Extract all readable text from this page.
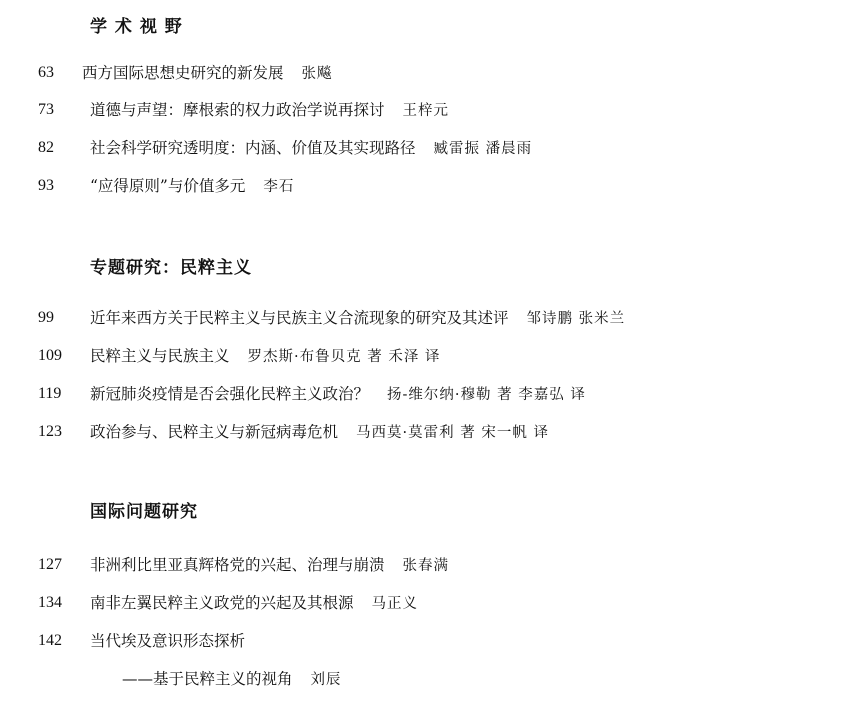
学 术 视 野
63 西方国际思想史研究的新发展 张飚
73 道德与声望：摩根索的权力政治学说再探讨 王梓元
82 社会科学研究透明度：内涵、价值及其实现路径 臧雷振 潘晨雨
93 “应得原则”与价值多元 李石
专题研究：民粹主义
99 近年来西方关于民粹主义与民族主义合流现象的研究及其述评 邹诗鹏 张米兰
109 民粹主义与民族主义 罗杰斯·布鲁贝克 著 禾泽 译
119 新冠肺炎疫情是否会强化民粹主义政治？ 扬-维尔纳·穆勒 著 李嘉弘 译
123 政治参与、民粹主义与新冠病毒危机 马西莫·莫雷利 著 宋一帆 译
国际问题研究
127 非洲利比里亚真辉格党的兴起、治理与崩溃 张春满
134 南非左翼民粹主义政党的兴起及其根源 马正义
142 当代埃及意识形态探析
——基于民粹主义的视角 刘辰
